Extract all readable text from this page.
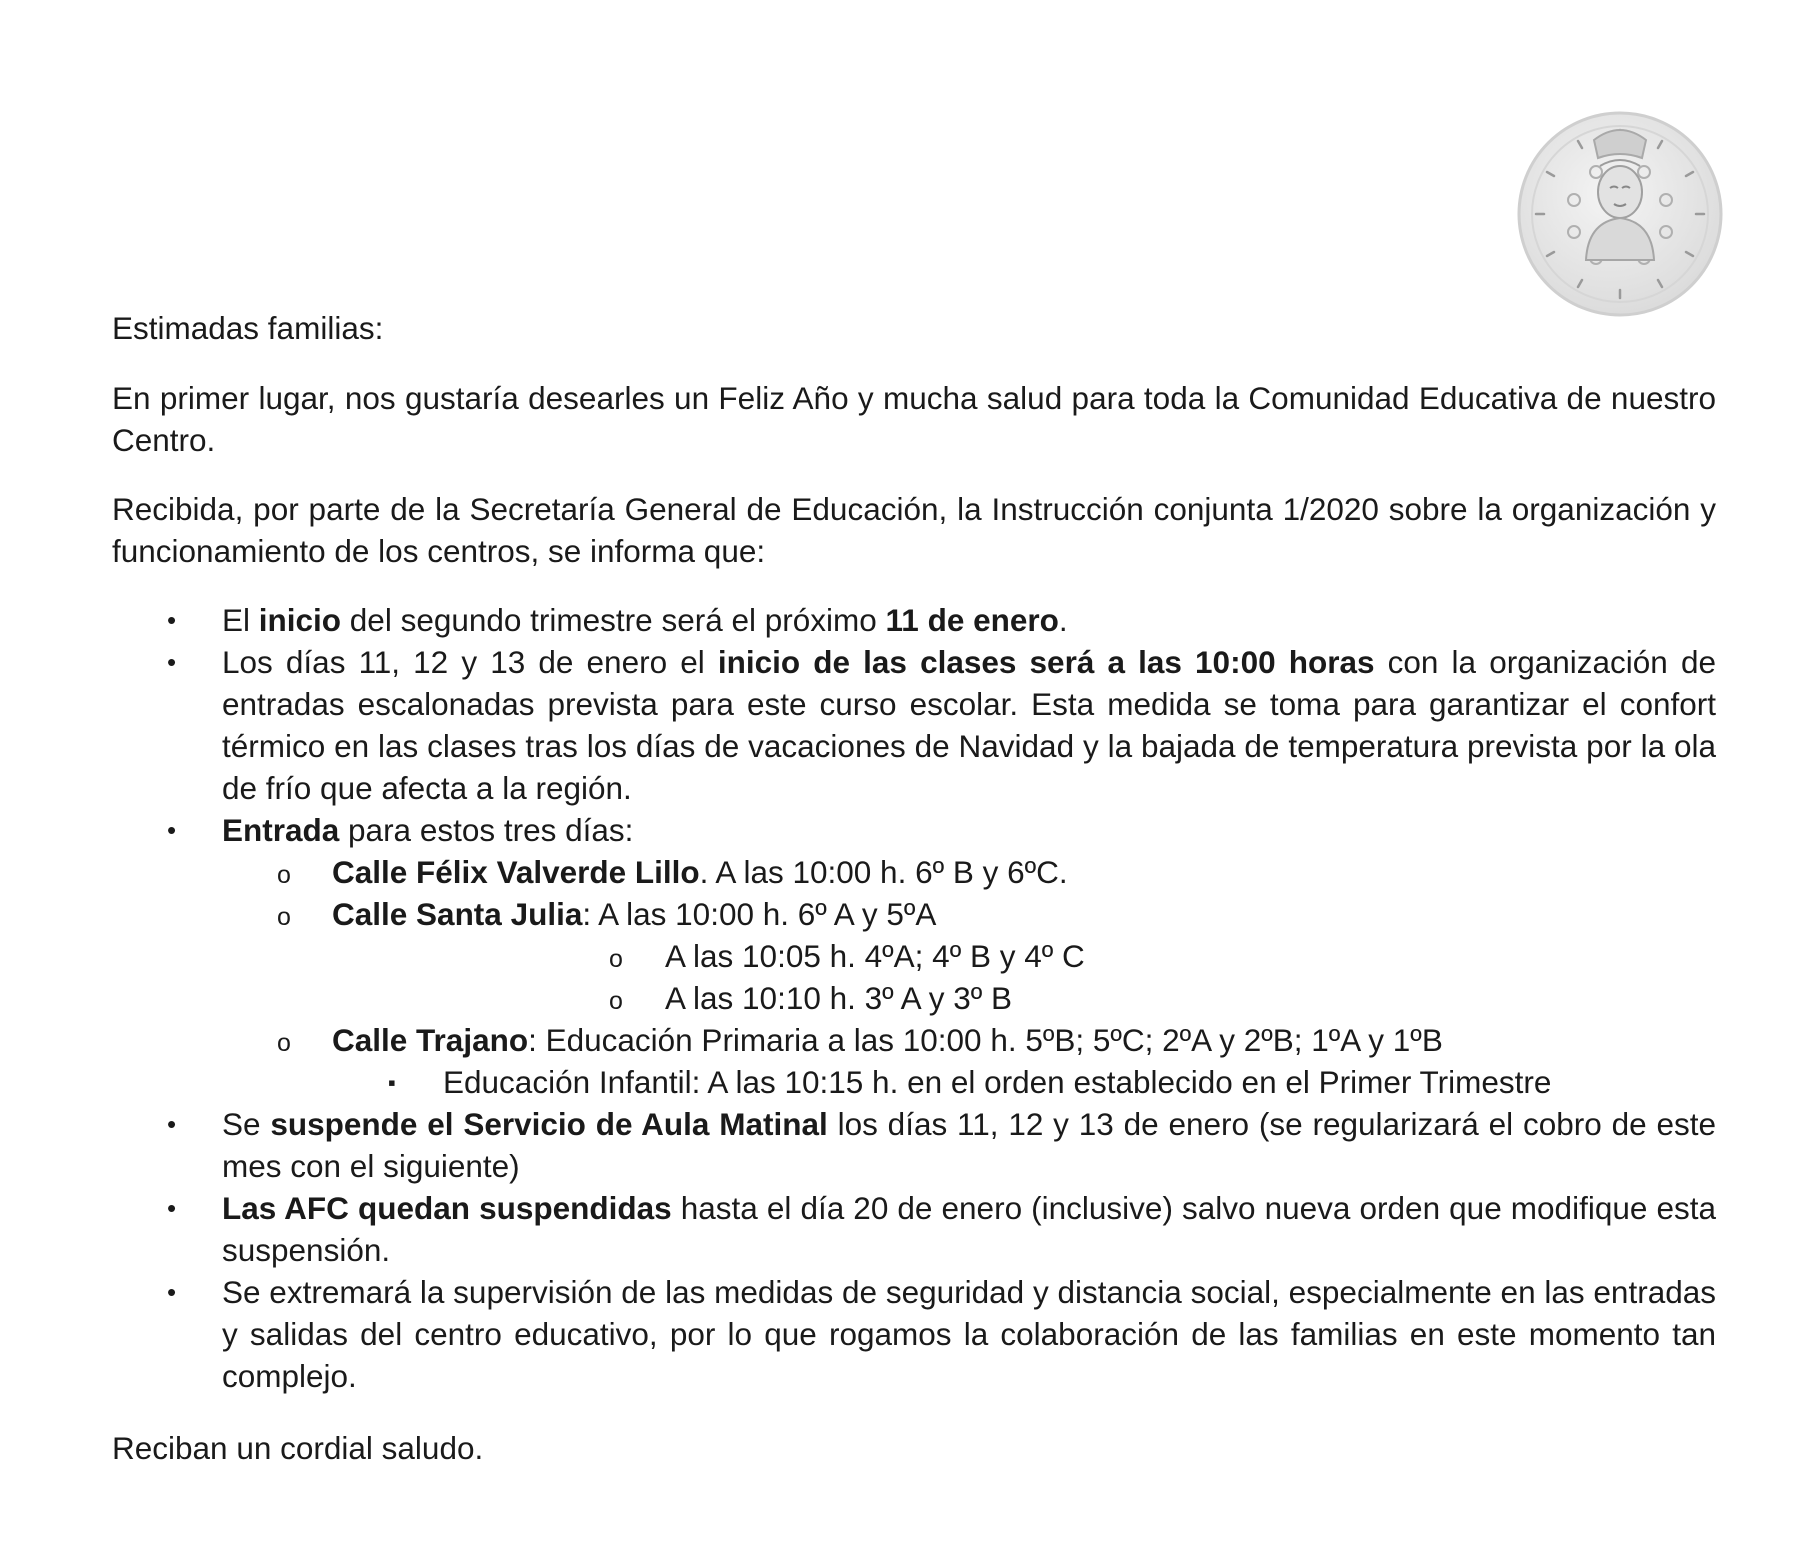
Estimadas familias:

En primer lugar, nos gustaría desearles un Feliz Año y mucha salud para toda la Comunidad Educativa de nuestro Centro.

Recibida, por parte de la Secretaría General de Educación, la Instrucción conjunta 1/2020 sobre la organización y funcionamiento de los centros, se informa que:

• El inicio del segundo trimestre será el próximo 11 de enero.
• Los días 11, 12 y 13 de enero el inicio de las clases será a las 10:00 horas con la organización de entradas escalonadas prevista para este curso escolar. Esta medida se toma para garantizar el confort térmico en las clases tras los días de vacaciones de Navidad y la bajada de temperatura prevista por la ola de frío que afecta a la región.
• Entrada para estos tres días:
o Calle Félix Valverde Lillo. A las 10:00 h. 6º B y 6ºC.
o Calle Santa Julia: A las 10:00 h. 6º A y 5ºA
o A las 10:05 h. 4ºA; 4º B y 4º C
o A las 10:10 h. 3º A y 3º B
o Calle Trajano: Educación Primaria a las 10:00 h. 5ºB; 5ºC; 2ºA y 2ºB; 1ºA y 1ºB
▪ Educación Infantil: A las 10:15 h. en el orden establecido en el Primer Trimestre
• Se suspende el Servicio de Aula Matinal los días 11, 12 y 13 de enero (se regularizará el cobro de este mes con el siguiente)
• Las AFC quedan suspendidas hasta el día 20 de enero (inclusive) salvo nueva orden que modifique esta suspensión.
• Se extremará la supervisión de las medidas de seguridad y distancia social, especialmente en las entradas y salidas del centro educativo, por lo que rogamos la colaboración de las familias en este momento tan complejo.

Reciban un cordial saludo.
